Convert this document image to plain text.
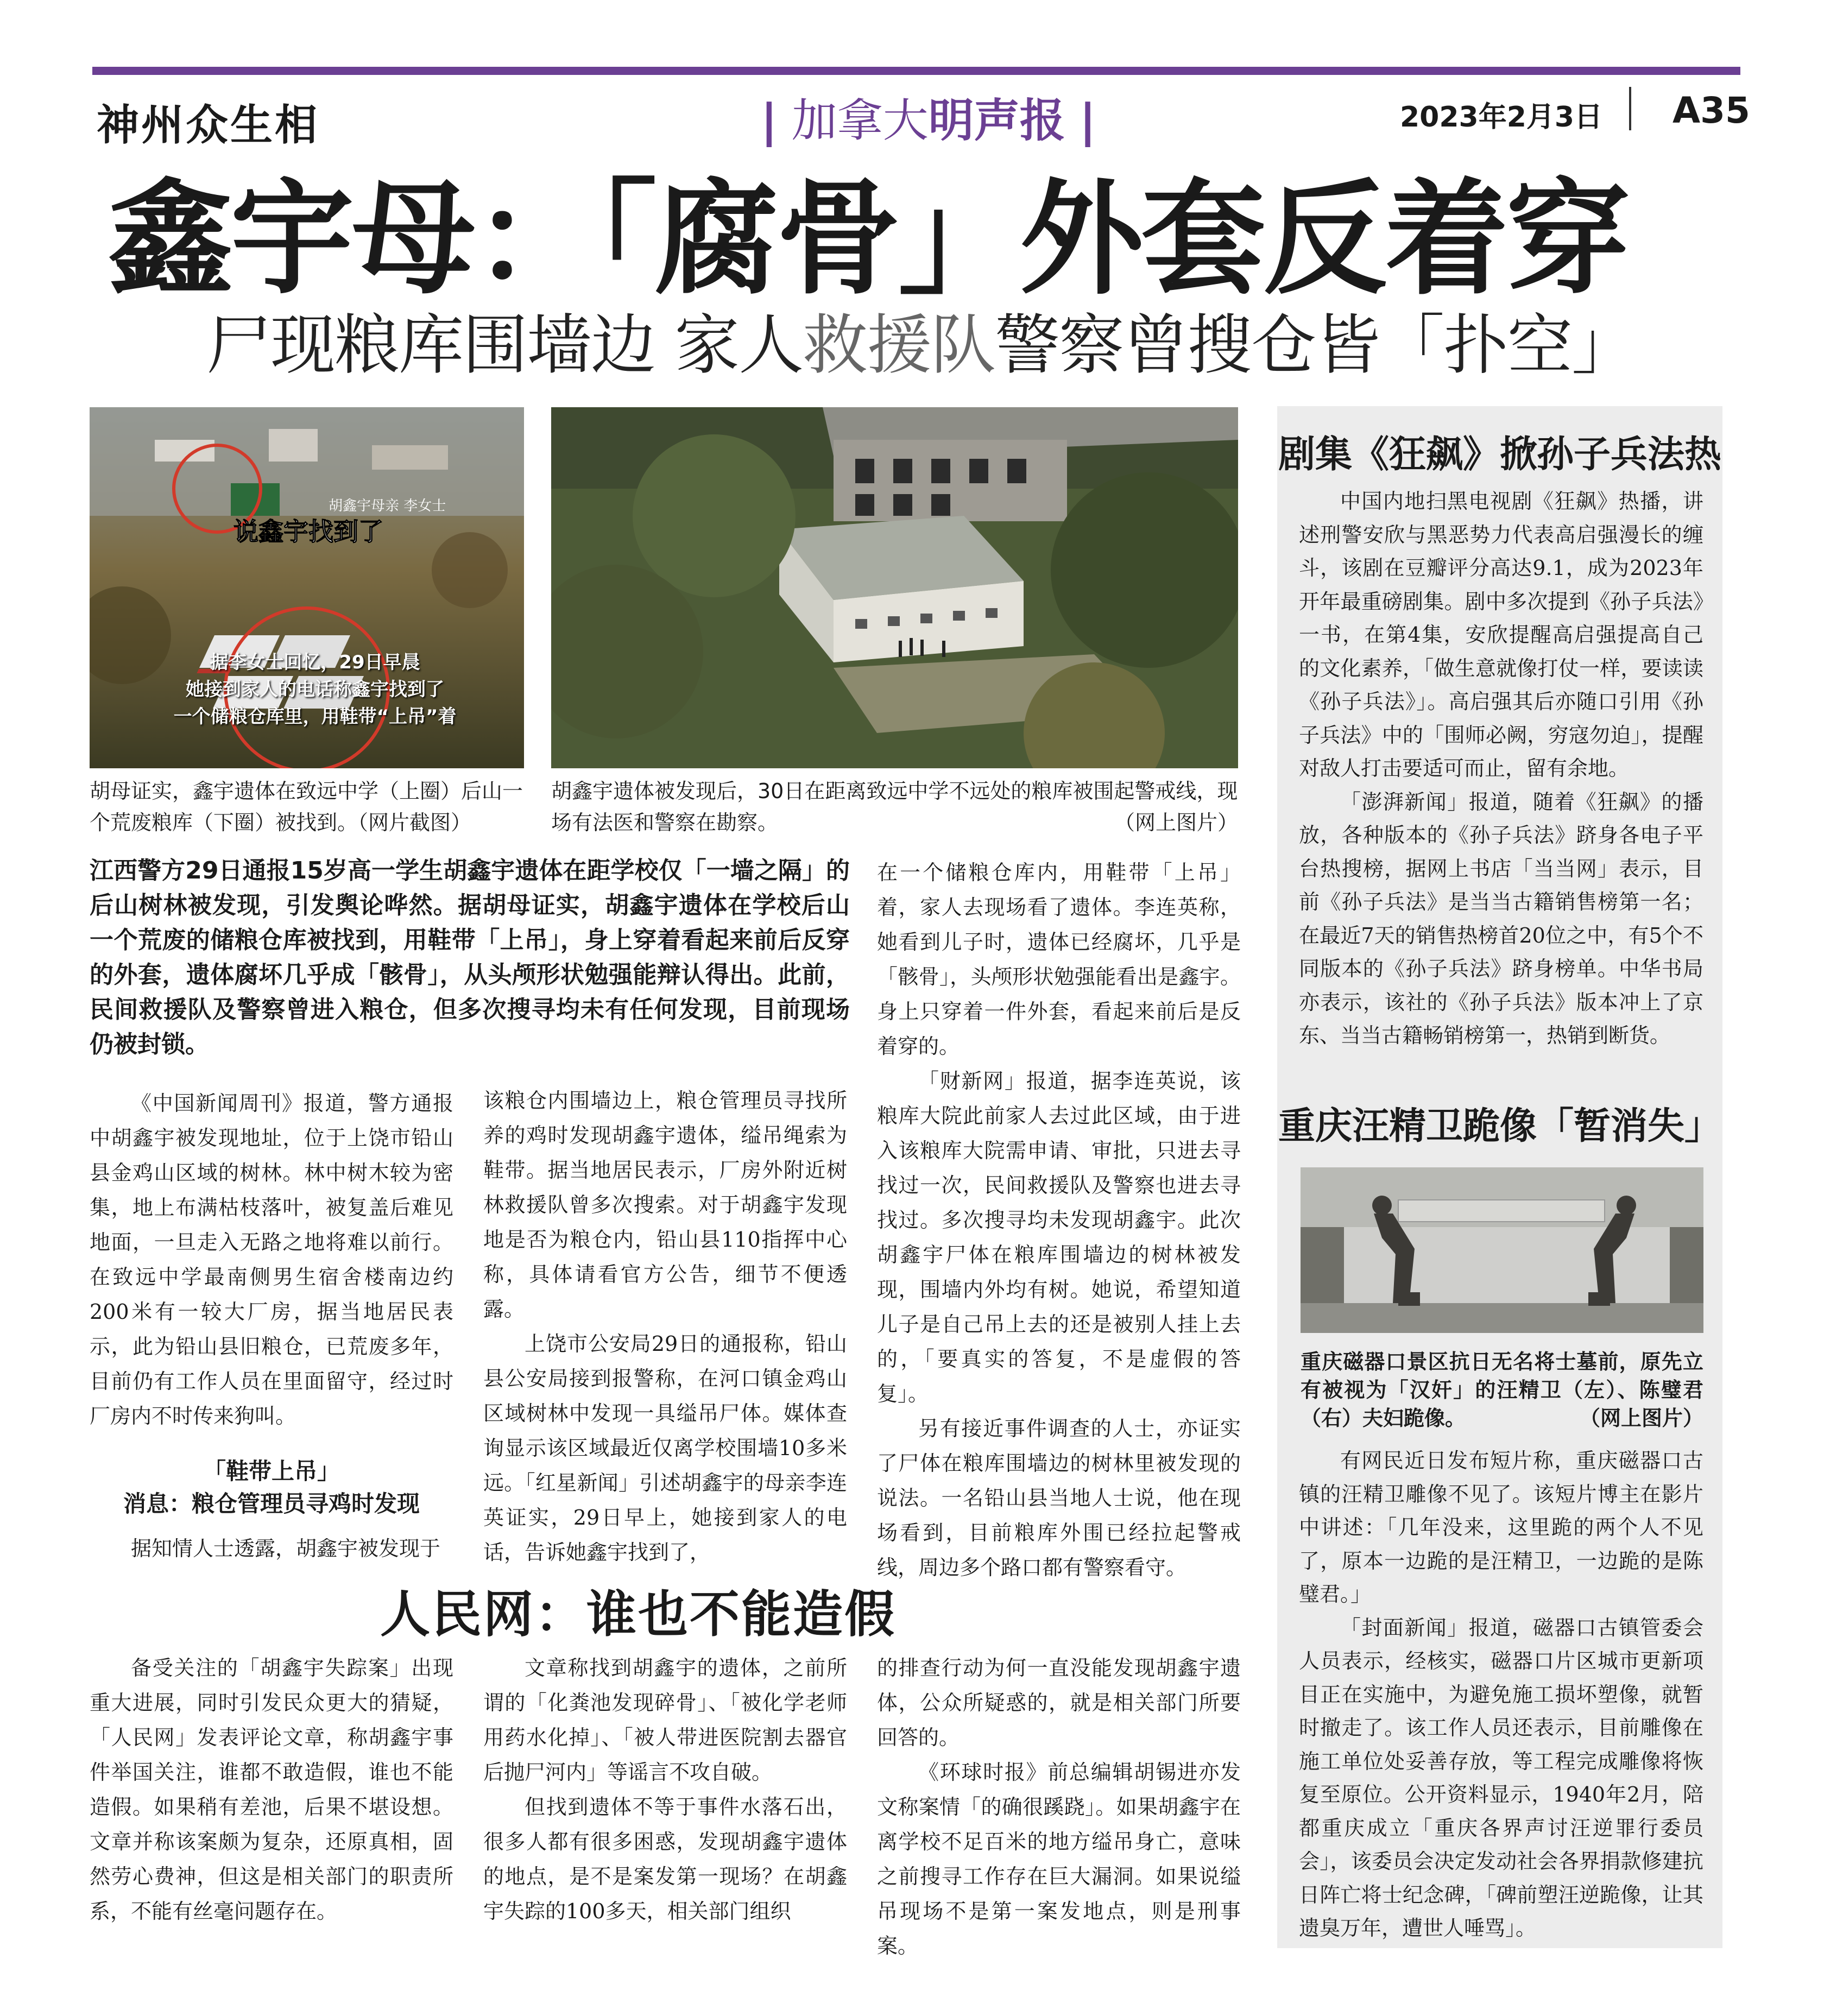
神州众生相	| 加拿大明声报 |	2023年2月3日 A35
鑫宇母：「腐骨」外套反着穿
尸现粮库围墙边 家人救援队警察曾搜仓皆「扑空」
胡鑫宇母亲 李女士
说鑫宇找到了
据李女士回忆，29日早晨
她接到家人的电话称鑫宇找到了
一个储粮仓库里，用鞋带“上吊”着
胡母证实，鑫宇遗体在致远中学（上圈）后山一个荒废粮库（下圈）被找到。（网片截图）
胡鑫宇遗体被发现后，30日在距离致远中学不远处的粮库被围起警戒线，现场有法医和警察在勘察。	（网上图片）
江西警方29日通报15岁高一学生胡鑫宇遗体在距学校仅「一墙之隔」的后山树林被发现，引发舆论哗然。据胡母证实，胡鑫宇遗体在学校后山一个荒废的储粮仓库被找到，用鞋带「上吊」，身上穿着看起来前后反穿的外套，遗体腐坏几乎成「骸骨」，从头颅形状勉强能辩认得出。此前，民间救援队及警察曾进入粮仓，但多次搜寻均未有任何发现，目前现场仍被封锁。

《中国新闻周刊》报道，警方通报中胡鑫宇被发现地址，位于上饶市铅山县金鸡山区域的树林。林中树木较为密集，地上布满枯枝落叶，被复盖后难见地面，一旦走入无路之地将难以前行。在致远中学最南侧男生宿舍楼南边约200米有一较大厂房，据当地居民表示，此为铅山县旧粮仓，已荒废多年，目前仍有工作人员在里面留守，经过时厂房内不时传来狗叫。

「鞋带上吊」
消息：粮仓管理员寻鸡时发现

据知情人士透露，胡鑫宇被发现于

该粮仓内围墙边上，粮仓管理员寻找所养的鸡时发现胡鑫宇遗体，缢吊绳索为鞋带。据当地居民表示，厂房外附近树林救援队曾多次搜索。对于胡鑫宇发现地是否为粮仓内，铅山县110指挥中心称，具体请看官方公告，细节不便透露。

上饶市公安局29日的通报称，铅山县公安局接到报警称，在河口镇金鸡山区域树林中发现一具缢吊尸体。媒体查询显示该区域最近仅离学校围墙10多米远。「红星新闻」引述胡鑫宇的母亲李连英证实，29日早上，她接到家人的电话，告诉她鑫宇找到了，

在一个储粮仓库内，用鞋带「上吊」着，家人去现场看了遗体。李连英称，她看到儿子时，遗体已经腐坏，几乎是「骸骨」，头颅形状勉强能看出是鑫宇。身上只穿着一件外套，看起来前后是反着穿的。

「财新网」报道，据李连英说，该粮库大院此前家人去过此区域，由于进入该粮库大院需申请、审批，只进去寻找过一次，民间救援队及警察也进去寻找过。多次搜寻均未发现胡鑫宇。此次胡鑫宇尸体在粮库围墙边的树林被发现，围墙内外均有树。她说，希望知道儿子是自己吊上去的还是被别人挂上去的，「要真实的答复，不是虚假的答复」。

另有接近事件调查的人士，亦证实了尸体在粮库围墙边的树林里被发现的说法。一名铅山县当地人士说，他在现场看到，目前粮库外围已经拉起警戒线，周边多个路口都有警察看守。

人民网：谁也不能造假

备受关注的「胡鑫宇失踪案」出现重大进展，同时引发民众更大的猜疑，「人民网」发表评论文章，称胡鑫宇事件举国关注，谁都不敢造假，谁也不能造假。如果稍有差池，后果不堪设想。文章并称该案颇为复杂，还原真相，固然劳心费神，但这是相关部门的职责所系，不能有丝毫问题存在。

文章称找到胡鑫宇的遗体，之前所谓的「化粪池发现碎骨」、「被化学老师用药水化掉」、「被人带进医院割去器官后抛尸河内」等谣言不攻自破。

但找到遗体不等于事件水落石出，很多人都有很多困惑，发现胡鑫宇遗体的地点，是不是案发第一现场？在胡鑫宇失踪的100多天，相关部门组织

的排查行动为何一直没能发现胡鑫宇遗体，公众所疑惑的，就是相关部门所要回答的。

《环球时报》前总编辑胡锡进亦发文称案情「的确很蹊跷」。如果胡鑫宇在离学校不足百米的地方缢吊身亡，意味之前搜寻工作存在巨大漏洞。如果说缢吊现场不是第一案发地点，则是刑事案。

剧集《狂飙》掀孙子兵法热

中国内地扫黑电视剧《狂飙》热播，讲述刑警安欣与黑恶势力代表高启强漫长的缠斗，该剧在豆瓣评分高达9.1，成为2023年开年最重磅剧集。剧中多次提到《孙子兵法》一书，在第4集，安欣提醒高启强提高自己的文化素养，「做生意就像打仗一样，要读读《孙子兵法》」。高启强其后亦随口引用《孙子兵法》中的「围师必阙，穷寇勿迫」，提醒对敌人打击要适可而止，留有余地。

「澎湃新闻」报道，随着《狂飙》的播放，各种版本的《孙子兵法》跻身各电子平台热搜榜，据网上书店「当当网」表示，目前《孙子兵法》是当当古籍销售榜第一名；在最近7天的销售热榜首20位之中，有5个不同版本的《孙子兵法》跻身榜单。中华书局亦表示，该社的《孙子兵法》版本冲上了京东、当当古籍畅销榜第一，热销到断货。

重庆汪精卫跪像「暂消失」
重庆磁器口景区抗日无名将士墓前，原先立有被视为「汉奸」的汪精卫（左）、陈璧君（右）夫妇跪像。	（网上图片）

有网民近日发布短片称，重庆磁器口古镇的汪精卫雕像不见了。该短片博主在影片中讲述：「几年没来，这里跪的两个人不见了，原本一边跪的是汪精卫，一边跪的是陈璧君。」

「封面新闻」报道，磁器口古镇管委会人员表示，经核实，磁器口片区城市更新项目正在实施中，为避免施工损坏塑像，就暂时撤走了。该工作人员还表示，目前雕像在施工单位处妥善存放，等工程完成雕像将恢复至原位。公开资料显示，1940年2月，陪都重庆成立「重庆各界声讨汪逆罪行委员会」，该委员会决定发动社会各界捐款修建抗日阵亡将士纪念碑，「碑前塑汪逆跪像，让其遗臭万年，遭世人唾骂」。
